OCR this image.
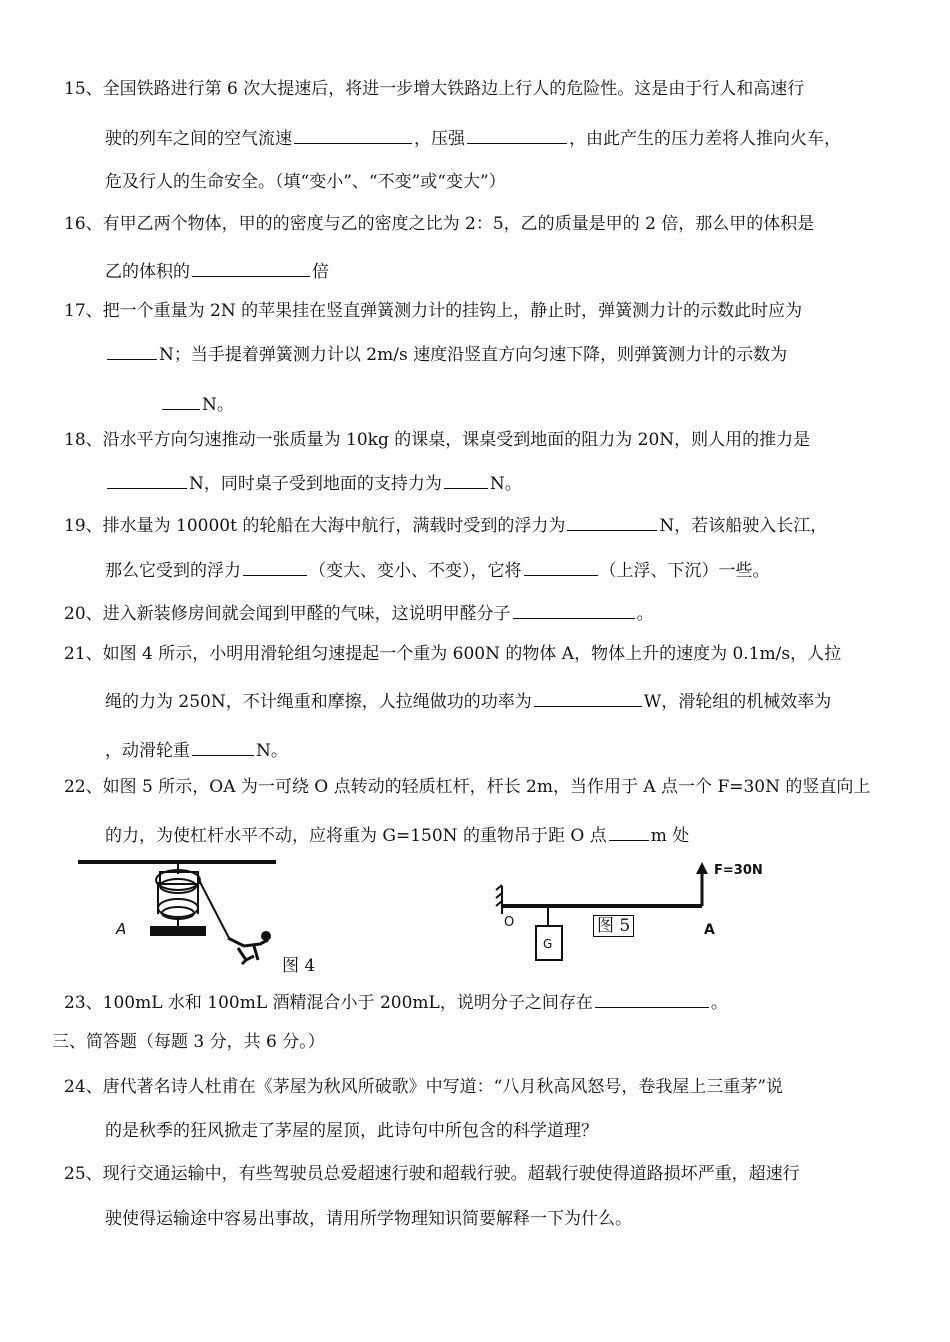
15、全国铁路进行第 6 次大提速后，将进一步增大铁路边上行人的危险性。这是由于行人和高速行
驶的列车之间的空气流速	，压强	，由此产生的压力差将人推向火车，
危及行人的生命安全。（填“变小”、“不变”或“变大”）
16、有甲乙两个物体，甲的的密度与乙的密度之比为 2：5，乙的质量是甲的 2 倍，那么甲的体积是
乙的体积的	倍
17、把一个重量为 2N 的苹果挂在竖直弹簧测力计的挂钩上，静止时，弹簧测力计的示数此时应为
N；当手提着弹簧测力计以 2m/s 速度沿竖直方向匀速下降，则弹簧测力计的示数为
N。
18、沿水平方向匀速推动一张质量为 10kg 的课桌，课桌受到地面的阻力为 20N，则人用的推力是
N，同时桌子受到地面的支持力为	N。
19、排水量为 10000t 的轮船在大海中航行，满载时受到的浮力为	N，若该船驶入长江，
那么它受到的浮力	（变大、变小、不变），它将	（上浮、下沉）一些。
20、进入新装修房间就会闻到甲醛的气味，这说明甲醛分子	。
21、如图 4 所示，小明用滑轮组匀速提起一个重为 600N 的物体 A，物体上升的速度为 0.1m/s，人拉
绳的力为 250N，不计绳重和摩擦，人拉绳做功的功率为	W，滑轮组的机械效率为
，动滑轮重	N。
22、如图 5 所示，OA 为一可绕 O 点转动的轻质杠杆，杆长 2m，当作用于 A 点一个 F=30N 的竖直向上
的力，为使杠杆水平不动，应将重为 G=150N 的重物吊于距 O 点	m 处
A
图 4
F=30N
O	A
G
图 5
23、100mL 水和 100mL 酒精混合小于 200mL，说明分子之间存在	。
三、简答题（每题 3 分，共 6 分。）
24、唐代著名诗人杜甫在《茅屋为秋风所破歌》中写道：“八月秋高风怒号，卷我屋上三重茅”说
的是秋季的狂风掀走了茅屋的屋顶，此诗句中所包含的科学道理？
25、现行交通运输中，有些驾驶员总爱超速行驶和超载行驶。超载行驶使得道路损坏严重，超速行
驶使得运输途中容易出事故，请用所学物理知识简要解释一下为什么。
